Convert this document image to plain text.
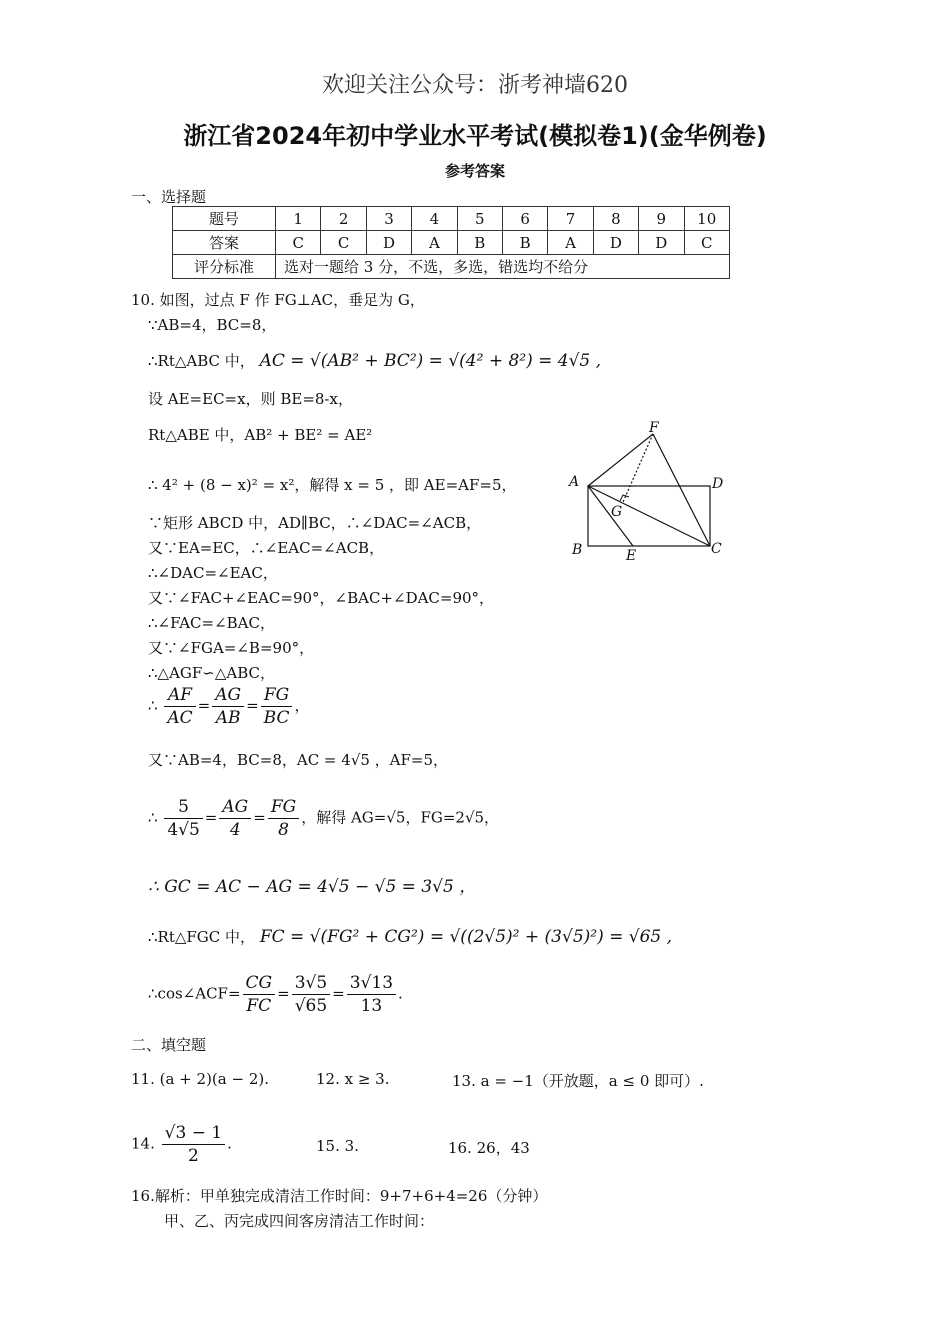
欢迎关注公众号：浙考神墙620
浙江省2024年初中学业水平考试(模拟卷1)(金华例卷)
参考答案
一、选择题
题号	1	2	3	4	5	6	7	8	9	10
答案	C	C	D	A	B	B	A	D	D	C
评分标准	选对一题给 3 分，不选，多选，错选均不给分									
10. 如图，过点 F 作 FG⊥AC，垂足为 G，
∵AB=4，BC=8，
∴Rt△ABC 中， AC = √(AB² + BC²) = √(4² + 8²) = 4√5 ,
设 AE=EC=x，则 BE=8-x，
Rt△ABE 中，AB² + BE² = AE²
∴ 4² + (8 − x)² = x²，解得 x = 5 ，即 AE=AF=5，
∵矩形 ABCD 中，AD∥BC，∴∠DAC=∠ACB，
又∵EA=EC，∴∠EAC=∠ACB，
∴∠DAC=∠EAC，
又∵∠FAC+∠EAC=90°，∠BAC+∠DAC=90°，
∴∠FAC=∠BAC，
又∵∠FGA=∠B=90°，
∴△AGF∽△ABC，
∴ $\frac{AF}{AC} = \frac{AG}{AB} = \frac{FG}{BC}$ ，
又∵AB=4，BC=8，AC = 4√5 ，AF=5，
∴ $\frac{5}{4√5} = \frac{AG}{4} = \frac{FG}{8}$ ，解得 AG=√5，FG=2√5，
∴ GC = AC − AG = 4√5 − √5 = 3√5 ，
∴Rt△FGC 中， FC = √(FG² + CG²) = √((2√5)² + (3√5)²) = √65 ,
∴cos∠ACF= $\frac{CG}{FC} = \frac{3√5}{√65} = \frac{3√13}{13}$ .
F
A	D
G
B	E	C
二、填空题
11. (a + 2)(a − 2).	12. x ≥ 3.	13. a = −1（开放题，a ≤ 0 即可）.
14. $\frac{√3 - 1}{2}$ .	15. 3.	16. 26，43
16.解析：甲单独完成清洁工作时间：9+7+6+4=26（分钟）
甲、乙、丙完成四间客房清洁工作时间：
